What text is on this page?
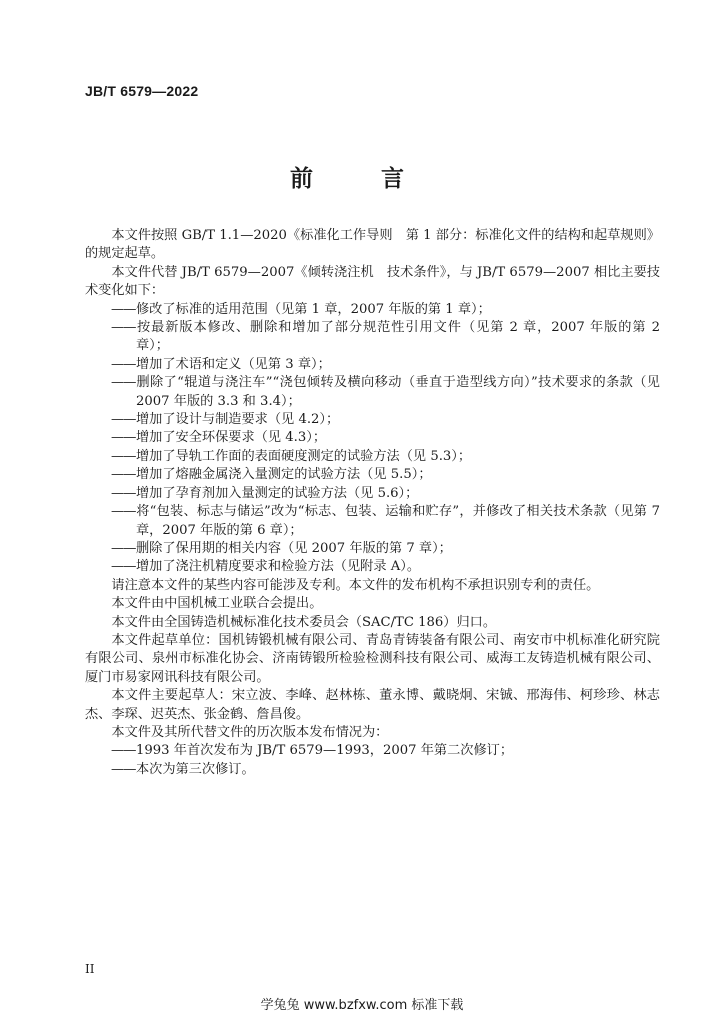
JB/T 6579—2022
前 言

本文件按照 GB/T 1.1—2020《标准化工作导则　第 1 部分：标准化文件的结构和起草规则》的规定起草。

本文件代替 JB/T 6579—2007《倾转浇注机　技术条件》，与 JB/T 6579—2007 相比主要技术变化如下：

——修改了标准的适用范围（见第 1 章，2007 年版的第 1 章）；

——按最新版本修改、删除和增加了部分规范性引用文件（见第 2 章，2007 年版的第 2 章）；

——增加了术语和定义（见第 3 章）；

——删除了“辊道与浇注车”“浇包倾转及横向移动（垂直于造型线方向）”技术要求的条款（见 2007 年版的 3.3 和 3.4）；

——增加了设计与制造要求（见 4.2）；

——增加了安全环保要求（见 4.3）；

——增加了导轨工作面的表面硬度测定的试验方法（见 5.3）；

——增加了熔融金属浇入量测定的试验方法（见 5.5）；

——增加了孕育剂加入量测定的试验方法（见 5.6）；

——将“包装、标志与储运”改为“标志、包装、运输和贮存”，并修改了相关技术条款（见第 7 章，2007 年版的第 6 章）；

——删除了保用期的相关内容（见 2007 年版的第 7 章）；

——增加了浇注机精度要求和检验方法（见附录 A）。

请注意本文件的某些内容可能涉及专利。本文件的发布机构不承担识别专利的责任。

本文件由中国机械工业联合会提出。

本文件由全国铸造机械标准化技术委员会（SAC/TC 186）归口。

本文件起草单位：国机铸锻机械有限公司、青岛青铸装备有限公司、南安市中机标准化研究院有限公司、泉州市标准化协会、济南铸锻所检验检测科技有限公司、威海工友铸造机械有限公司、厦门市易家网讯科技有限公司。

本文件主要起草人：宋立波、李峰、赵林栋、董永博、戴晓炯、宋铖、邢海伟、柯珍珍、林志杰、李琛、迟英杰、张金鹤、詹昌俊。

本文件及其所代替文件的历次版本发布情况为：

——1993 年首次发布为 JB/T 6579—1993，2007 年第二次修订；

——本次为第三次修订。

II
学兔兔 www.bzfxw.com 标准下载
